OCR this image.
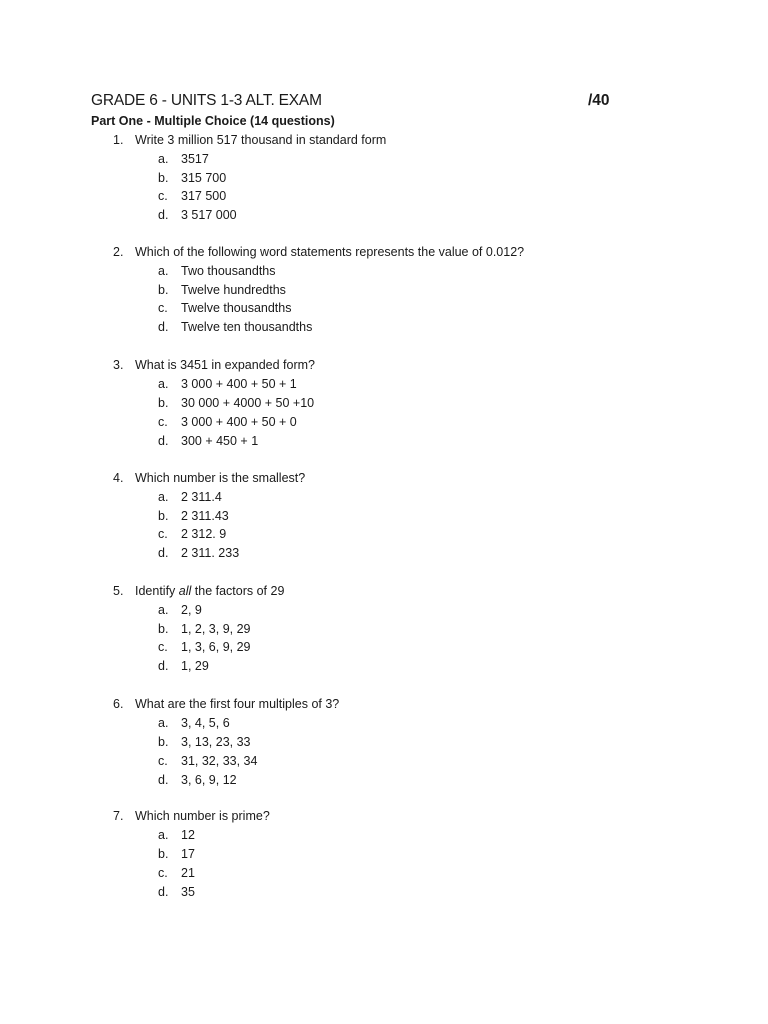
GRADE 6 - UNITS 1-3 ALT. EXAM	/40
Part One - Multiple Choice (14 questions)
1. Write 3 million 517 thousand in standard form
a. 3517
b. 315 700
c. 317 500
d. 3 517 000
2. Which of the following word statements represents the value of 0.012?
a. Two thousandths
b. Twelve hundredths
c. Twelve thousandths
d. Twelve ten thousandths
3. What is 3451 in expanded form?
a. 3 000 + 400 + 50 + 1
b. 30 000 + 4000 + 50 +10
c. 3 000 + 400 + 50 + 0
d. 300 + 450 + 1
4. Which number is the smallest?
a. 2 311.4
b. 2 311.43
c. 2 312. 9
d. 2 311. 233
5. Identify all the factors of 29
a. 2, 9
b. 1, 2, 3, 9, 29
c. 1, 3, 6, 9, 29
d. 1, 29
6. What are the first four multiples of 3?
a. 3, 4, 5, 6
b. 3, 13, 23, 33
c. 31, 32, 33, 34
d. 3, 6, 9, 12
7. Which number is prime?
a. 12
b. 17
c. 21
d. 35
